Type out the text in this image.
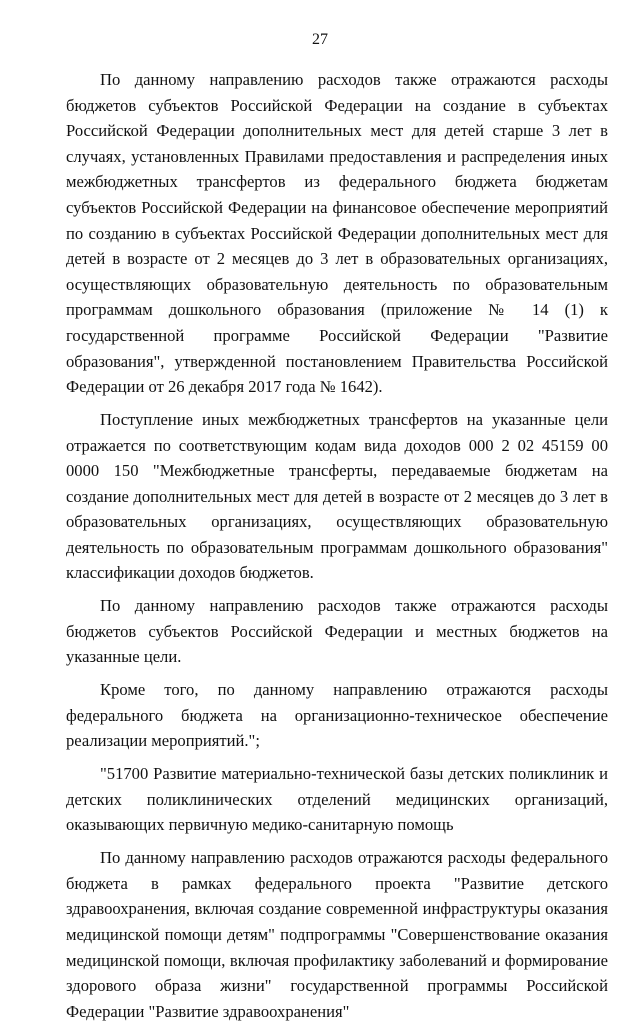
27

По данному направлению расходов также отражаются расходы бюджетов субъектов Российской Федерации на создание в субъектах Российской Федерации дополнительных мест для детей старше 3 лет в случаях, установленных Правилами предоставления и распределения иных межбюджетных трансфертов из федерального бюджета бюджетам субъектов Российской Федерации на финансовое обеспечение мероприятий по созданию в субъектах Российской Федерации дополнительных мест для детей в возрасте от 2 месяцев до 3 лет в образовательных организациях, осуществляющих образовательную деятельность по образовательным программам дошкольного образования (приложение № 14 (1) к государственной программе Российской Федерации "Развитие образования", утвержденной постановлением Правительства Российской Федерации от 26 декабря 2017 года № 1642).

Поступление иных межбюджетных трансфертов на указанные цели отражается по соответствующим кодам вида доходов 000 2 02 45159 00 0000 150 "Межбюджетные трансферты, передаваемые бюджетам на создание дополнительных мест для детей в возрасте от 2 месяцев до 3 лет в образовательных организациях, осуществляющих образовательную деятельность по образовательным программам дошкольного образования" классификации доходов бюджетов.

По данному направлению расходов также отражаются расходы бюджетов субъектов Российской Федерации и местных бюджетов на указанные цели.

Кроме того, по данному направлению отражаются расходы федерального бюджета на организационно-техническое обеспечение реализации мероприятий.";

"51700 Развитие материально-технической базы детских поликлиник и детских поликлинических отделений медицинских организаций, оказывающих первичную медико-санитарную помощь

По данному направлению расходов отражаются расходы федерального бюджета в рамках федерального проекта "Развитие детского здравоохранения, включая создание современной инфраструктуры оказания медицинской помощи детям" подпрограммы "Совершенствование оказания медицинской помощи, включая профилактику заболеваний и формирование здорового образа жизни" государственной программы Российской Федерации "Развитие здравоохранения"
